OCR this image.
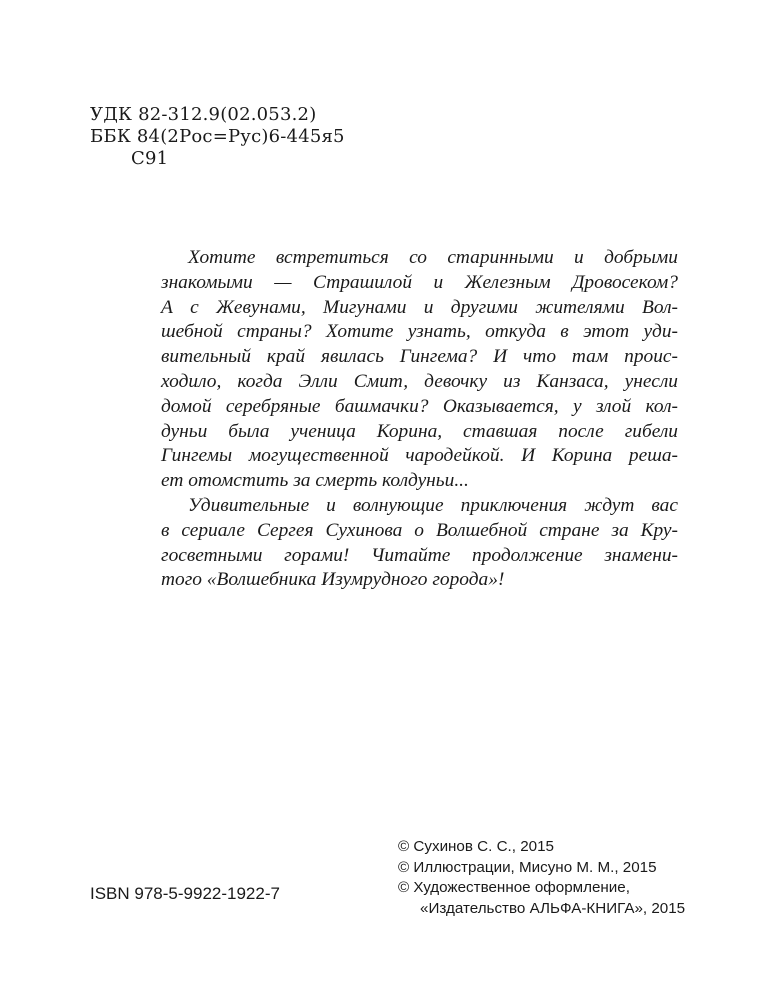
УДК 82-312.9(02.053.2)
ББК 84(2Рос=Рус)6-445я5
С91
Хотите встретиться со старинными и добрыми
знакомыми — Страшилой и Железным Дровосеком?
А с Жевунами, Мигунами и другими жителями Вол-
шебной страны? Хотите узнать, откуда в этот уди-
вительный край явилась Гингема? И что там проис-
ходило, когда Элли Смит, девочку из Канзаса, унесли
домой серебряные башмачки? Оказывается, у злой кол-
дуньи была ученица Корина, ставшая после гибели
Гингемы могущественной чародейкой. И Корина реша-
ет отомстить за смерть колдуньи...
Удивительные и волнующие приключения ждут вас
в сериале Сергея Сухинова о Волшебной стране за Кру-
госветными горами! Читайте продолжение знамени-
того «Волшебника Изумрудного города»!
ISBN 978-5-9922-1922-7
© Сухинов С. С., 2015
© Иллюстрации, Мисуно М. М., 2015
© Художественное оформление,
«Издательство АЛЬФА-КНИГА», 2015
